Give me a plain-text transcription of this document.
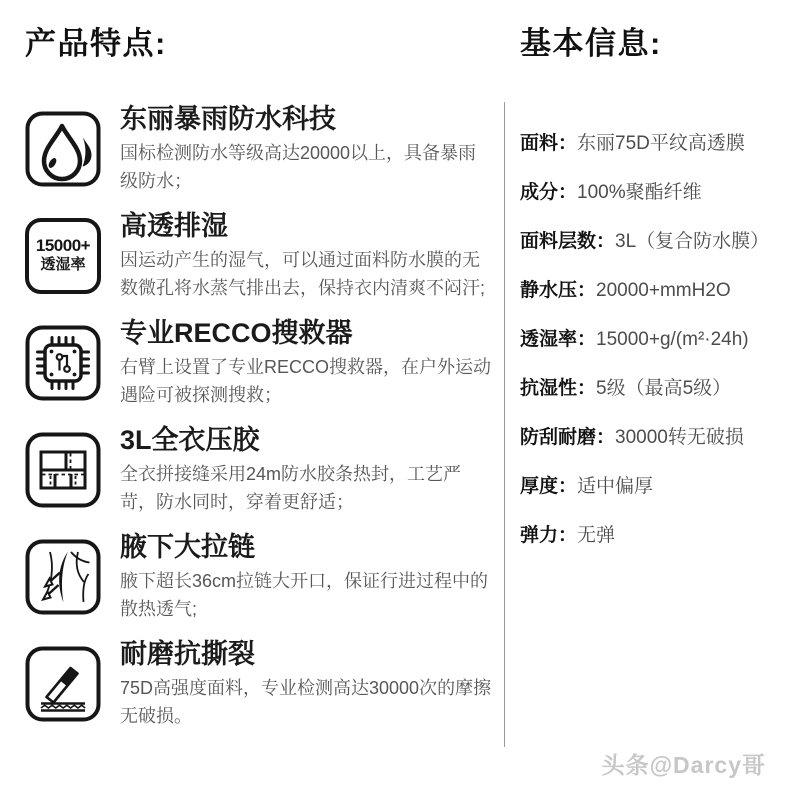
产品特点:
东丽暴雨防水科技
国标检测防水等级高达20000以上，具备暴雨级防水；
15000+
透湿率
高透排湿
因运动产生的湿气，可以通过面料防水膜的无数微孔将水蒸气排出去，保持衣内清爽不闷汗;
专业RECCO搜救器
右臂上设置了专业RECCO搜救器，在户外运动遇险可被探测搜救；
3L全衣压胶
全衣拼接缝采用24m防水胶条热封，工艺严苛，防水同时，穿着更舒适；
腋下大拉链
腋下超长36cm拉链大开口，保证行进过程中的散热透气;
耐磨抗撕裂
75D高强度面料，专业检测高达30000次的摩擦无破损。
基本信息:
面料：东丽75D平纹高透膜
成分：100%聚酯纤维
面料层数：3L（复合防水膜）
静水压：20000+mmH2O
透湿率：15000+g/(m²·24h)
抗湿性：5级（最高5级）
防刮耐磨：30000转无破损
厚度：适中偏厚
弹力：无弹
头条@Darcy哥
